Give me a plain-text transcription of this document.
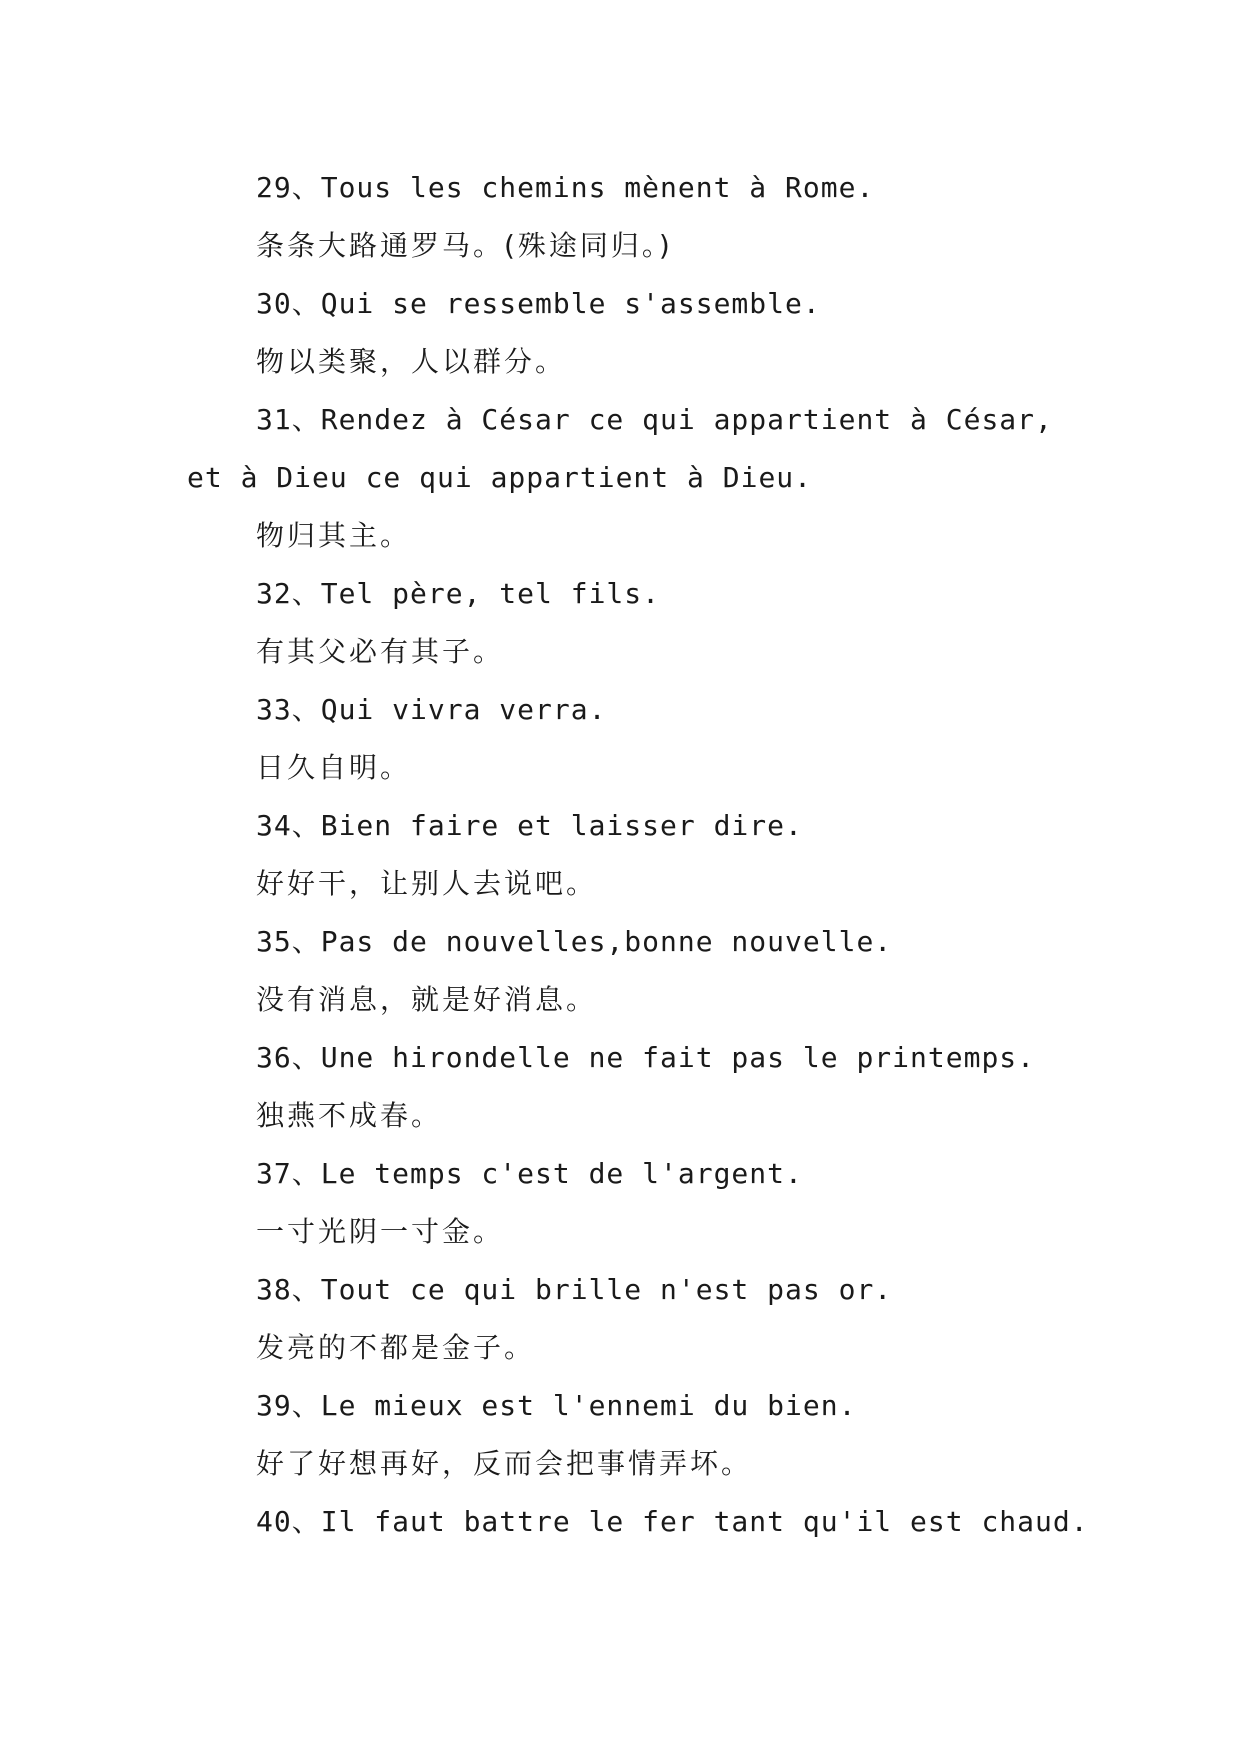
29、Tous les chemins mènent à Rome.
条条大路通罗马。(殊途同归。)
30、Qui se ressemble s'assemble.
物以类聚，人以群分。
31、Rendez à César ce qui appartient à César,
et à Dieu ce qui appartient à Dieu.
物归其主。
32、Tel père, tel fils.
有其父必有其子。
33、Qui vivra verra.
日久自明。
34、Bien faire et laisser dire.
好好干，让别人去说吧。
35、Pas de nouvelles,bonne nouvelle.
没有消息，就是好消息。
36、Une hirondelle ne fait pas le printemps.
独燕不成春。
37、Le temps c'est de l'argent.
一寸光阴一寸金。
38、Tout ce qui brille n'est pas or.
发亮的不都是金子。
39、Le mieux est l'ennemi du bien.
好了好想再好，反而会把事情弄坏。
40、Il faut battre le fer tant qu'il est chaud.
